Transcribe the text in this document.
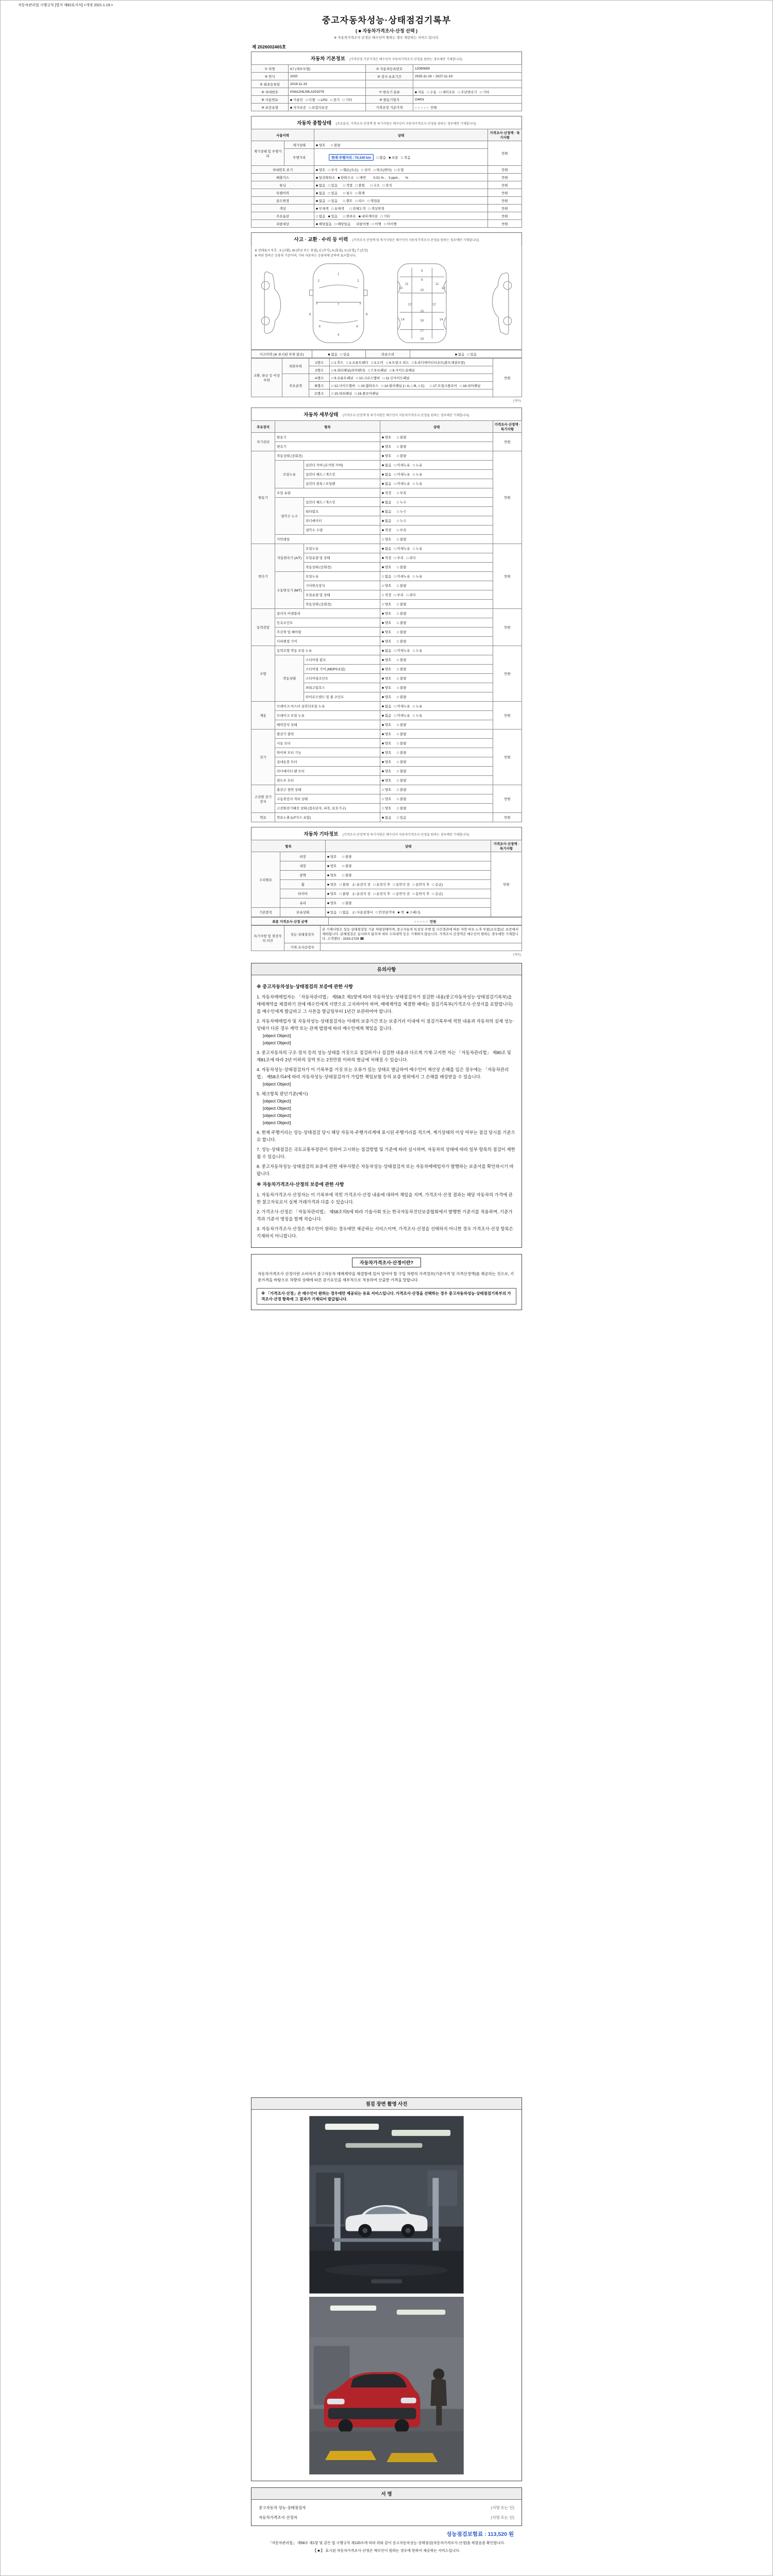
자동차관리법 시행규칙 [별지 제82호서식] <개정 2021.1.19.>
중고자동차성능·상태점검기록부
( ■ 자동차가격조사·산정 선택 )
※ 자동차가격조사·산정은 매수인이 원하는 경우 제공하는 서비스 입니다.
제 2026002465호
자동차 기본정보 (가격산정 기준가격은 매수인이 자동차가격조사·산정을 원하는 경우에만 기재합니다)
① 차명	K7 (세부모델)	② 자동차등록번호	12090659
③ 연식	2020	④ 검사 유효기간	2025-11-19 ~ 2027-11-19
⑤ 최초등록일	2019-11-19		
⑥ 차대번호	KNALD4L59LA201079	⑦ 변속기 종류	■ 자동   □ 수동   □ 세미오토   □ 무단변속기   □ 기타
⑧ 사용연료	■ 가솔린   □ 디젤   □ LPG   □ 전기   □ 기타	⑨ 원동기형식	G4KN
⑩ 보증유형	■ 자가보증   □ 보험사보증	가격산정 기준가격	○ ○ ○ ○ ○  만원
자동차 종합상태 (주요옵션, 가격조사·산정액 및 특기사항은 매수인이 자동차가격조사·산정을 원하는 경우에만 기재합니다)
사용이력		상태	가격조사·산정액 · 특기사항
계기상태 및 주행거리	계기상태	■ 양호      □ 불량	만원
	주행거리	현재 주행거리 : 70,100 km □ 많음   ■ 보통   □ 적음	

차대번호 표기		■ 양호   □ 부식   □ 훼손(오손)   □ 상이   □ 변조(변타)   □ 도말	만원
배출가스		■ 일산화탄소   ■ 탄화수소   □ 매연        0.01 % ,   3 ppm ,      %	만원
튜닝		■ 없음   □ 있음      □ 적법   □ 불법      □ 구조   □ 장치	만원
특별이력		■ 없음   □ 있음      □ 침수   □ 화재	만원
용도변경		■ 없음   □ 있음      □ 렌트   □ 리스   □ 영업용	만원
색상		■ 무채색   □ 유채색      □ 전체도색   □ 색상변경	만원
주요옵션		□ 없음   ■ 있음      □ 썬루프   ■ 네비게이션   □ 기타	만원
리콜대상		■ 해당없음   □ 해당있음      리콜이행 : □ 이행   □ 미이행	만원
사고 · 교환 · 수리 등 이력 (가격조사·산정액 및 특기사항은 매수인이 자동차가격조사·산정을 원하는 경우에만 기재합니다)
※ 상태표시 부호 : X (교환), W (판금 또는 용접), C (부식), A (흠집), U (요철), T (손상)
※ 하단 항목은 승용차 기준이며, 기타 자동차는 승용차에 준하여 표시합니다.
1
2	2
3	3
7
6	6
4
8	8
5
9
10
11	11
12	12
13	13
14	14
15
16
17
18
사고이력 (※ 표시된 부위 참조)	■ 없음   □ 있음	단순수리	■ 없음   □ 있음
교환, 판금 등 이상 부위	외판부위	1랭크	□ 1.후드   □ 2.프론트펜더   □ 3.도어   □ 4.트렁크 리드   □ 5.라디에이터서포트(볼트체결부품)	만원
		2랭크	□ 6.쿼터패널(리어펜더)   □ 7.루프패널   □ 8.사이드실패널	
	주요골격	A랭크	□ 9.프론트패널   □ 10.크로스멤버   □ 11.인사이드패널	
		B랭크	□ 12.사이드멤버   □ 13.휠하우스   □ 14.필러패널 (□ A, □ B, □ C)      □ 17.트렁크플로어   □ 18.리어패널	
		C랭크	□ 15.대쉬패널   □ 16.플로어패널	
(계속)
자동차 세부상태 (가격조사·산정액 및 특기사항은 매수인이 자동차가격조사·산정을 원하는 경우에만 기재합니다)
주요장치	항목		상태	가격조사·산정액 · 특기사항
자기진단	원동기		■ 양호      □ 불량	만원
	변속기		■ 양호      □ 불량	
원동기	작동상태 (공회전)		■ 양호      □ 불량	만원
	오일누유	실린더 커버 (로커암 커버)	■ 없음   □ 미세누유   □ 누유	
		실린더 헤드 / 개스킷	■ 없음   □ 미세누유   □ 누유	
		실린더 블록 / 오일팬	■ 없음   □ 미세누유   □ 누유	
	오일 유량		■ 적정      □ 부족	
	냉각수 누수	실린더 헤드 / 개스킷	■ 없음      □ 누수	
		워터펌프	■ 없음      □ 누수	
		라디에이터	■ 없음      □ 누수	
		냉각수 수량	■ 적정      □ 부족	
	커먼레일		□ 양호      □ 불량	
변속기	자동변속기 (A/T)	오일누유	■ 없음   □ 미세누유   □ 누유	만원
		오일유량 및 상태	■ 적정   □ 부족   □ 과다	
		작동상태 (공회전)	■ 양호      □ 불량	
	수동변속기 (M/T)	오일누유	□ 없음   □ 미세누유   □ 누유	
		기어변속장치	□ 양호      □ 불량	
		오일유량 및 상태	□ 적정   □ 부족   □ 과다	
		작동상태 (공회전)	□ 양호      □ 불량	
동력전달	클러치 어셈블리		■ 양호      □ 불량	만원
	등속조인트		■ 양호      □ 불량	
	추진축 및 베어링		■ 양호      □ 불량	
	디퍼렌셜 기어		■ 양호      □ 불량	
조향	동력조향 작동 오일 누유		■ 없음   □ 미세누유   □ 누유	만원
	작동상태	스티어링 펌프	■ 양호      □ 불량	
		스티어링 기어 (MDPS포함)	■ 양호      □ 불량	
		스티어링조인트	■ 양호      □ 불량	
		파워고압호스	■ 양호      □ 불량	
		타이로드엔드 및 볼 조인트	■ 양호      □ 불량	
제동	브레이크 마스터 실린더오일 누유		■ 없음   □ 미세누유   □ 누유	만원
	브레이크 오일 누유		■ 없음   □ 미세누유   □ 누유	
	배력장치 상태		■ 양호      □ 불량	
전기	발전기 출력		■ 양호      □ 불량	만원
	시동 모터		■ 양호      □ 불량	
	와이퍼 모터 기능		■ 양호      □ 불량	
	실내송풍 모터		■ 양호      □ 불량	
	라디에이터 팬 모터		■ 양호      □ 불량	
	윈도우 모터		■ 양호      □ 불량	
고전원 전기장치	충전구 절연 상태		□ 양호      □ 불량	만원
	구동축전지 격리 상태		□ 양호      □ 불량	
	고전원전기배선 상태 (접속단자, 피복, 보호기구)		□ 양호      □ 불량	
연료	연료누출 (LP가스 포함)		■ 없음      □ 있음	만원
자동차 기타정보 (가격조사·산정액 및 특기사항은 매수인이 자동차가격조사·산정을 원하는 경우에만 기재합니다)
항목		상태	가격조사·산정액 · 특기사항
수리필요	외장	■ 양호      □ 불량	만원
	내장	■ 양호      □ 불량	
	광택	■ 양호      □ 불량	
	휠	■ 양호   □ 불량    (□ 운전석 전   □ 운전석 후   □ 동반석 전   □ 동반석 후   □ 응급)	
	타이어	■ 양호   □ 불량    (□ 운전석 전   □ 운전석 후   □ 동반석 전   □ 동반석 후   □ 응급)	
	유리	■ 양호      □ 불량	
기본품목	보유상태	■ 있음   □ 없음    (□ 사용설명서   □ 안전삼각대   ■ 잭   ■ 스패너)	
최종 가격조사·산정 금액	○ ○ ○ ○ ○  만원
특기사항 및 점검자의 의견	성능·상태점검자	본 기재사항은 성능·상태점검일 기준 차량상태이며, 중고자동차 특성상 주행 및 시간경과에 따른 자연 마모·노후 부품(소모품)은 보증에서 제외됩니다. 분해점검은 실시하지 않으며 세부 수리내역 등은 기재하지 않습니다. 가격조사·산정액은 매수인이 원하는 경우에만 기재합니다. 고객센터 : 1533-2729 ☎
	가격·조사산정자	
(계속)
유의사항
※ 중고자동차성능·상태점검의 보증에 관한 사항
1. 자동차매매업자는 「자동차관리법」 제58조 제1항에 따라 자동차성능·상태점검자가 점검한 내용(중고자동차성능·상태점검기록부)을 매매계약을 체결하기 전에 매수인에게 서면으로 고지하여야 하며, 매매계약을 체결한 때에는 점검기록부(가격조사·산정서를 포함합니다)를 매수인에게 발급하고 그 사본을 발급일부터 1년간 보관하여야 합니다.
2. 자동차매매업자 및 자동차성능·상태점검자는 아래의 보증기간 또는 보증거리 이내에 이 점검기록부에 적힌 내용과 자동차의 실제 성능·상태가 다른 경우 계약 또는 관계 법령에 따라 매수인에게 책임을 집니다.
[object Object]
[object Object]
3. 중고자동차의 구조·장치 등의 성능·상태를 거짓으로 점검하거나 점검한 내용과 다르게 기재·고지한 자는 「자동차관리법」 제80조 및 제81조에 따라 2년 이하의 징역 또는 2천만원 이하의 벌금에 처해질 수 있습니다.
4. 자동차성능·상태점검자가 이 기록부를 거짓 또는 오류가 있는 상태로 발급하여 매수인이 재산상 손해를 입은 경우에는 「자동차관리법」 제58조의4에 따라 자동차성능·상태점검자가 가입한 책임보험 등의 보증 범위에서 그 손해를 배상받을 수 있습니다.
[object Object]
5. 체크항목 판단기준(예시)
[object Object]
[object Object]
[object Object]
[object Object]
6. 현재 주행거리는 성능·상태점검 당시 해당 자동차 주행거리계에 표시된 주행거리를 적으며, 계기상태의 이상 여부는 점검 당시를 기준으로 합니다.
7. 성능·상태점검은 국토교통부장관이 정하여 고시하는 점검방법 및 기준에 따라 실시하며, 자동차의 상태에 따라 일부 항목의 점검이 제한될 수 있습니다.
8. 중고자동차성능·상태점검의 보증에 관한 세부사항은 자동차성능·상태점검자 또는 자동차매매업자가 발행하는 보증서를 확인하시기 바랍니다.
※ 자동차가격조사·산정의 보증에 관한 사항
1. 자동차가격조사·산정자는 이 기록부에 적힌 가격조사·산정 내용에 대하여 책임을 지며, 가격조사·산정 결과는 해당 자동차의 가격에 관한 참고자료로서 실제 거래가격과 다를 수 있습니다.
2. 가격조사·산정은 「자동차관리법」 제58조의5에 따라 기술사회 또는 한국자동차진단보증협회에서 발행한 기준서를 적용하며, 기준가격과 기준서 명칭을 함께 적습니다.
3. 자동차가격조사·산정은 매수인이 원하는 경우에만 제공하는 서비스이며, 가격조사·산정을 선택하지 아니한 경우 가격조사·산정 항목은 기재하지 아니합니다.
자동차가격조사·산정이란?
자동차가격조사·산정이란 소비자가 중고자동차 매매계약을 체결함에 있어 알아야 할 구입 차량의 가격정보(기준가격 및 가격산정액)를 제공하는 것으로, 기준가격을 바탕으로 차량의 상태에 따른 감가요인을 세부적으로 적용하여 산출한 가격을 말합니다.
※ 「가격조사·산정」은 매수인이 원하는 경우에만 제공되는 유료 서비스입니다. 가격조사·산정을 선택하는 경우 중고자동차성능·상태점검기록부의 가격조사·산정 항목에 그 결과가 기재되어 발급됩니다.
점검 장면 촬영 사진
서 명
중고자동차 성능·상태점검자	(서명 또는 인)
자동차가격조사·산정자	(서명 또는 인)
성능점검보험료 : 113,520 원
「자동차관리법」 제58조 제1항 및 같은 법 시행규칙 제120조에 따라 위와 같이 중고자동차성능·상태점검(자동차가격조사·산정)을 하였음을 확인합니다.
【 ■ 】 표시된 자동차가격조사·산정은 매수인이 원하는 경우에 한하여 제공하는 서비스입니다.
